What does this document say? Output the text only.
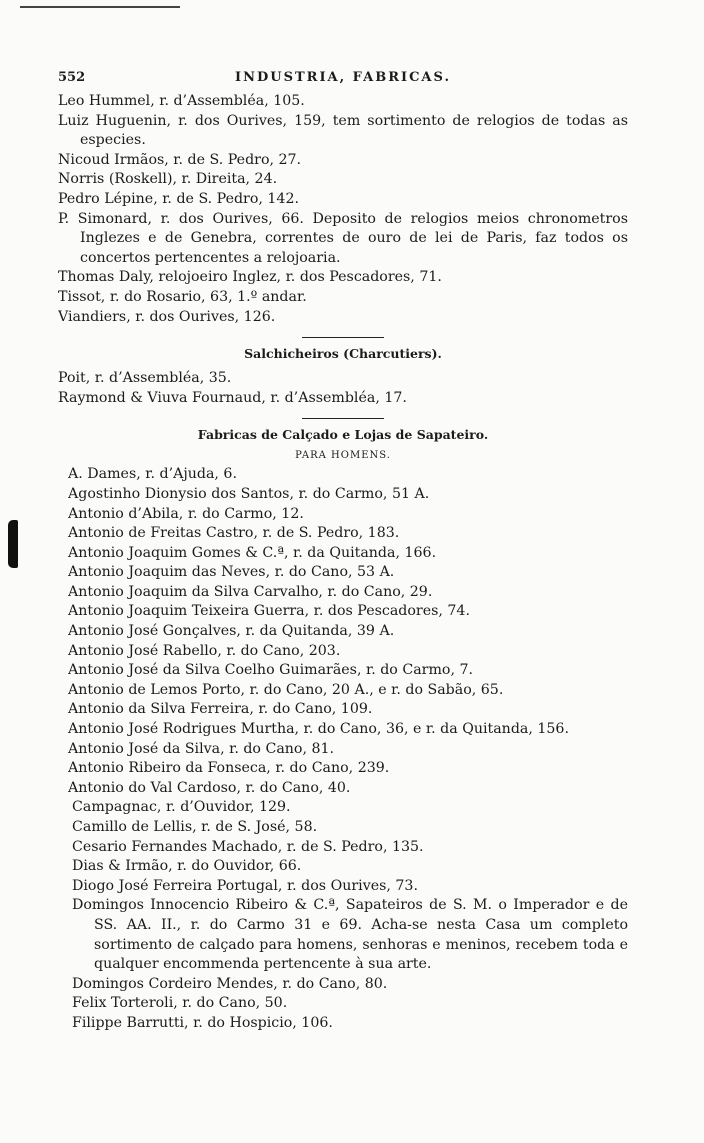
552	INDUSTRIA, FABRICAS.
Leo Hummel, r. d’Assembléa, 105.
Luiz Huguenin, r. dos Ourives, 159, tem sortimento de relogios de todas as especies.
Nicoud Irmãos, r. de S. Pedro, 27.
Norris (Roskell), r. Direita, 24.
Pedro Lépine, r. de S. Pedro, 142.
P. Simonard, r. dos Ourives, 66. Deposito de relogios meios chronometros Inglezes e de Genebra, correntes de ouro de lei de Paris, faz todos os concertos pertencentes a relojoaria.
Thomas Daly, relojoeiro Inglez, r. dos Pescadores, 71.
Tissot, r. do Rosario, 63, 1.º andar.
Viandiers, r. dos Ourives, 126.
Salchicheiros (Charcutiers).
Poit, r. d’Assembléa, 35.
Raymond & Viuva Fournaud, r. d’Assembléa, 17.
Fabricas de Calçado e Lojas de Sapateiro.
PARA HOMENS.
A. Dames, r. d’Ajuda, 6.
Agostinho Dionysio dos Santos, r. do Carmo, 51 A.
Antonio d’Abila, r. do Carmo, 12.
Antonio de Freitas Castro, r. de S. Pedro, 183.
Antonio Joaquim Gomes & C.ª, r. da Quitanda, 166.
Antonio Joaquim das Neves, r. do Cano, 53 A.
Antonio Joaquim da Silva Carvalho, r. do Cano, 29.
Antonio Joaquim Teixeira Guerra, r. dos Pescadores, 74.
Antonio José Gonçalves, r. da Quitanda, 39 A.
Antonio José Rabello, r. do Cano, 203.
Antonio José da Silva Coelho Guimarães, r. do Carmo, 7.
Antonio de Lemos Porto, r. do Cano, 20 A., e r. do Sabão, 65.
Antonio da Silva Ferreira, r. do Cano, 109.
Antonio José Rodrigues Murtha, r. do Cano, 36, e r. da Quitanda, 156.
Antonio José da Silva, r. do Cano, 81.
Antonio Ribeiro da Fonseca, r. do Cano, 239.
Antonio do Val Cardoso, r. do Cano, 40.
Campagnac, r. d’Ouvidor, 129.
Camillo de Lellis, r. de S. José, 58.
Cesario Fernandes Machado, r. de S. Pedro, 135.
Dias & Irmão, r. do Ouvidor, 66.
Diogo José Ferreira Portugal, r. dos Ourives, 73.
Domingos Innocencio Ribeiro & C.ª, Sapateiros de S. M. o Imperador e de SS. AA. II., r. do Carmo 31 e 69. Acha-se nesta Casa um completo sortimento de calçado para homens, senhoras e meninos, recebem toda e qualquer encommenda pertencente à sua arte.
Domingos Cordeiro Mendes, r. do Cano, 80.
Felix Torteroli, r. do Cano, 50.
Filippe Barrutti, r. do Hospicio, 106.
